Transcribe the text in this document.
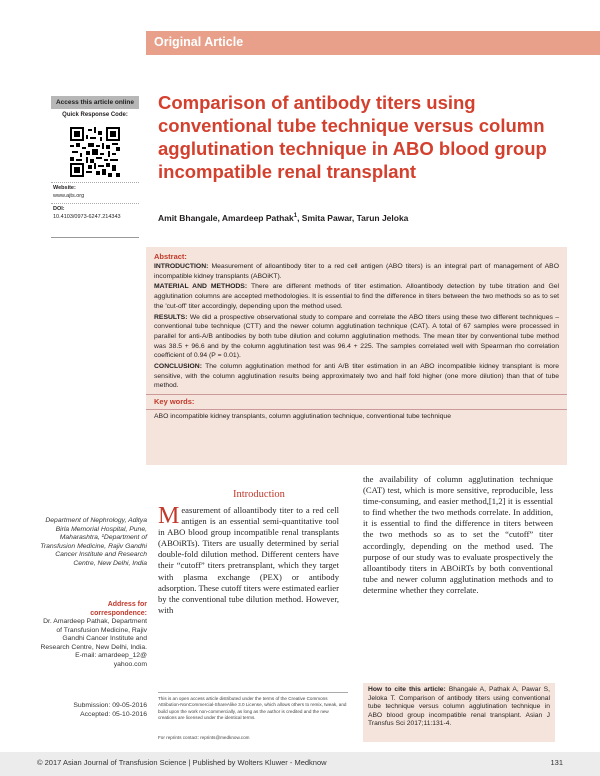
Original Article
Access this article online
Quick Response Code:
Website:
www.ajts.org
DOI:
10.4103/0973-6247.214343
Comparison of antibody titers using conventional tube technique versus column agglutination technique in ABO blood group incompatible renal transplant
Amit Bhangale, Amardeep Pathak$^1$, Smita Pawar, Tarun Jeloka
Abstract:
INTRODUCTION: Measurement of alloantibody titer to a red cell antigen (ABO titers) is an integral part of management of ABO incompatible kidney transplants (ABOiKT).
MATERIAL AND METHODS: There are different methods of titer estimation. Alloantibody detection by tube titration and Gel agglutination columns are accepted methodologies. It is essential to find the difference in titers between the two methods so as to set the 'cut-off' titer accordingly, depending upon the method used.
RESULTS: We did a prospective observational study to compare and correlate the ABO titers using these two different techniques – conventional tube technique (CTT) and the newer column agglutination technique (CAT). A total of 67 samples were processed in parallel for anti-A/B antibodies by both tube dilution and column agglutination methods. The mean titer by conventional tube method was 38.5 + 96.6 and by the column agglutination test was 96.4 + 225. The samples correlated well with Spearman rho correlation coefficient of 0.94 (P = 0.01).
CONCLUSION: The column agglutination method for anti A/B titer estimation in an ABO incompatible kidney transplant is more sensitive, with the column agglutination results being approximately two and half fold higher (one more dilution) than that of tube method.
Key words:
ABO incompatible kidney transplants, column agglutination technique, conventional tube technique
Department of Nephrology, Aditya Birla Memorial Hospital, Pune, Maharashtra, ¹Department of Transfusion Medicine, Rajiv Gandhi Cancer Institute and Research Centre, New Delhi, India
Address for
correspondence:
Dr. Amardeep Pathak, Department of Transfusion Medicine, Rajiv Gandhi Cancer Institute and Research Centre, New Delhi, India. E-mail: amardeep_12@ yahoo.com
Submission: 09-05-2016
Accepted: 05-10-2016
Introduction
Measurement of alloantibody titer to a red cell antigen is an essential semi-quantitative tool in ABO blood group incompatible renal transplants (ABOiRTs). Titers are usually determined by serial double-fold dilution method. Different centers have their “cutoff” titers pretransplant, which they target with plasma exchange (PEX) or antibody adsorption. These cutoff titers were estimated earlier by the conventional tube dilution method. However, with
the availability of column agglutination technique (CAT) test, which is more sensitive, reproducible, less time-consuming, and easier method,[1,2] it is essential to find whether the two methods correlate. In addition, it is essential to find the difference in titers between the two methods so as to set the “cutoff” titer accordingly, depending on the method used. The purpose of our study was to evaluate prospectively the alloantibody titers in ABOiRTs by both conventional tube and newer column agglutination methods and to determine whether they correlate.
This is an open access article distributed under the terms of the Creative Commons Attribution-NonCommercial-ShareAlike 3.0 License, which allows others to remix, tweak, and build upon the work non-commercially, as long as the author is credited and the new creations are licensed under the identical terms.
For reprints contact: reprints@medknow.com
How to cite this article: Bhangale A, Pathak A, Pawar S, Jeloka T. Comparison of antibody titers using conventional tube technique versus column agglutination technique in ABO blood group incompatible renal transplant. Asian J Transfus Sci 2017;11:131-4.
© 2017 Asian Journal of Transfusion Science | Published by Wolters Kluwer - Medknow	131
